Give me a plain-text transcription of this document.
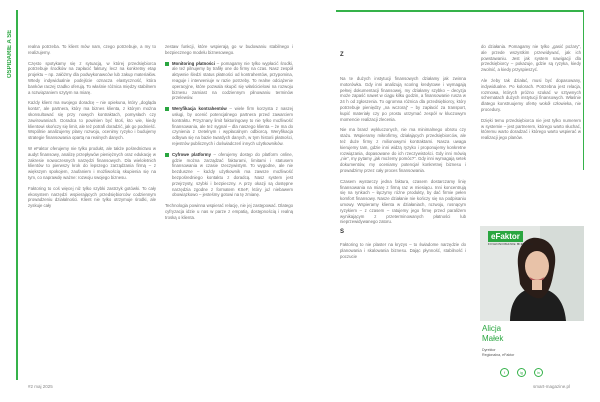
OSPIDARIE A SE	realna potrzeba. To klient mów nam, czego potrzebuje, a my to realizujemy.

Często spotykamy się z sytuacją, w której przedsiębiorca potrzebuje środków na zapłacić faktury, lecz na konkretny etap projektu – np. załóżmy dla podwykonawców lub zakup materiałów. Wtedy indywidualnie podejście oznacza elastyczność, która banków raczej rzadko oferują. To właśnie różnica między stabilnem a rozwiązaniem szytym na miarę.

Każdy klient ma swojego doradcę – nie opiekuna, który „dogląda konta”, ale partnera, który ma biznes klienta, z którym można skonsultować się przy nowych kontraktach, pomysłach czy zawirowaniach. Doradca to powinien być ktoś, kto wie, kiedy klientowi skończy się limit, ale też potrafi doradzić, jak go podnieść. Wspólnie analizujemy plany rozwoju, ocenimy ryzyko i budujemy strategie finansowania opartą na realnych danych.

W eFaktor oferujemy nie tylko produkt, ale także pośrednictwo w audyt finansowy, analizę przepływów pieniężnych oraz edukację w zakresie nowoczesnych narzędzi finansowych. Dla wieloletnich klientów to pierwszy krok do lepszego zarządzania firmą – z większym spokojem, zaufaniem i możliwością skupienia się na tym, co naprawdę ważne: rozwoju swojego biznesu.

Faktoring to coś więcej niż tylko szybki zastrzyk gotówki. To cały ekosystem narzędzi wspierających przedsiębiorców codziennym prowadzeniu działalności. Klient nie tylko otrzymuje środki, ale zyskuje cały

zestaw funkcji, które wspierają go w budowaniu stabilnego i bezpiecznego modelu biznesowego.

Monitoring płatności – pomagamy nie tylko wypłacić środki, ale też pilnujemy by trafiły one do firmy na czas. Nasz zespół aktywnie śledzi status płatności od kontrahentów, przypomina, reaguje i interweniuje w razie potrzeby. To realne odciążenie operacyjne, które pozwala skupić się właścicielowi na rozwoju biznesu zamiast na codziennym pilnowaniu terminów przelewów.

Weryfikacja kontrahentów – wiele firm korzysta z naszej usługi, by ocenić potencjalnego partnera przed zawarciem kontraktu. Przyznany limit faktoringowy to nie tylko możliwość finansowania, ale też sygnał – dla naszego klienta – że ma do czynienia z rzetelnym i wypłacalnym odbiorcą. Weryfikacja odbywa się na bazie twardych danych, w tym historii płatności, rejestrów publicznych i doświadczeń innych użytkowników.

Cyfrowe platformy – oferujemy dostęp do platform online, gdzie można zarządzać fakturami, limitami i statusem finansowania w czasie rzeczywistym. To wygodne, ale nie bezduszne – każdy użytkownik ma zawsze możliwość bezpośredniego kontaktu z doradcą. Nasz system jest przejrzysty, szybki i bezpieczny. A przy okazji są dostępne narzędzia zgodne z formatem KSeF, który już niebawem obowiązkowo – jesteśmy gotowi na tę zmianę.

Technologia powinna wspierać relację, nie jej zastępować. Dlatego cyfryzacja idzie u nas w parze z empatią, dostępnością i realną troską o klienta.

Z

Na te dużych instytucji finansowych działamy jak zwinna motorówka. Gdy inni analizują scoring kredytowe i wymagają pełnej dokumentacji finansowej, my działamy szybko – decyzja może zapaść nawet w ciągu kilku godzin, a finansowanie rusza w 24 h od zgłoszenia. To ogromna różnica dla przedsiębiorcy, który potrzebuje pieniędzy „na wczoraj” – by zapłacić za transport, kupić materiały czy po prostu utrzymać zespół w kluczowym momencie realizacji zlecenia.

Nie ma branż wykluczonych, nie ma minimalnego obrotu czy stażu. Wspieramy mikrofirmy, działających przedsiębiorców, ale też duże firmy z milionowymi kontraktami. Nasza uwaga kierujemy tam, gdzie inni widzą ryzyko i proponujemy konkretne rozwiązania, dopasowane do ich rzeczywistości. Gdy inni mówią „nie”, my pytamy „jak możemy pomóc?”. Gdy inni wymagają setek dokumentów, my oceniamy potencjał konkretnej biznesu i prowadzimy przez cały proces finansowania.

Czasem wystarczy jedna faktura, czasem dostarczamy linię finansowania na miarę z firmą raz w miesiącu. Inni koncentrują się na rynkach – łączymy różne produkty, by dać firmie pełen komfort finansowy. Nasze działanie nie kończy się na podpisaniu umowy. Wspieramy klienta w działaniach, rozwoju, rosnącym ryzykiem – z czasem – ratujemy jego firmę przed paraliżem wynikającym z przeterminowanych płatności lub nieprzewidywanego zatoru.

S

Faktoring to nie plaster na kryzys – to świadome narzędzie do planowania i skalowania biznesu. Dając płynność, stabilność i poczucie

do działania. Pomagamy nie tylko „gasić pożary”, ale przede wszystkim przewidywać, jak ich powstawaniu. Jest jak system nawigacji dla przedsiębiorcy – pokazuje, gdzie są ryzyka, kiedy zwolnić, a kiedy przyspieszyć.

Ale żeby tak działać, musi być dopasowany, indywidualne. Po kolorach. Potrzebna jest relacja, rozmowa, których próżno szukać w sztywnych schematach dużych instytucji finansowych. Właśnie dlatego konstruujemy ofertę wokół człowieka, nie procedury.

Dzięki temu przedsiębiorca nie jest tylko numerem w systemie – jest partnerem, którego warto słuchać, któremu warto doradzać i którego warto wspierać w realizacji jego planów.

eFaktor
FINANSOWANIE BIZNESU
Alicja
Małek
Dyrektor
Regionalna, eFaktor
f	ig	in
#2 maj 2025	smart-magazine.pl
